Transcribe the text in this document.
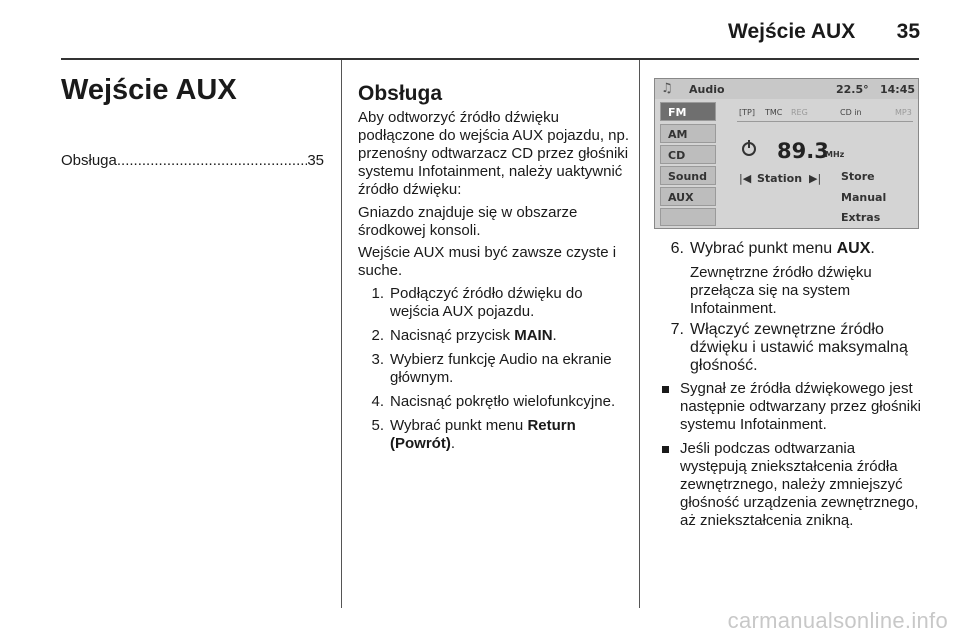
Wejście AUX	35
Wejście AUX
Obsługa
.....	35
Obsługa
Aby odtworzyć źródło dźwięku podłączone do wejścia AUX pojazdu, np. przenośny odtwarzacz CD przez głośniki systemu Infotainment, należy uaktywnić źródło dźwięku:
Gniazdo znajduje się w obszarze środkowej konsoli.
Wejście AUX musi być zawsze czyste i suche.
1. Podłączyć źródło dźwięku do wejścia AUX pojazdu.
2. Nacisnąć przycisk MAIN.
3. Wybierz funkcję Audio na ekranie głównym.
4. Nacisnąć pokrętło wielofunkcyjne.
5. Wybrać punkt menu Return (Powrót).
♫ Audio	22.5° 14:45
FM
AM
CD
Sound
AUX
[TP] TMC REG	CD in	MP3
89.3
MHz
|◀ Station ▶| Store
Manual
Extras
6. Wybrać punkt menu AUX.
Zewnętrzne źródło dźwięku przełącza się na system Infotainment.
7. Włączyć zewnętrzne źródło dźwięku i ustawić maksymalną głośność.
Sygnał ze źródła dźwiękowego jest następnie odtwarzany przez głośniki systemu Infotainment.
Jeśli podczas odtwarzania występują zniekształcenia źródła zewnętrznego, należy zmniejszyć głośność urządzenia zewnętrznego, aż zniekształcenia znikną.
carmanualsonline.info
